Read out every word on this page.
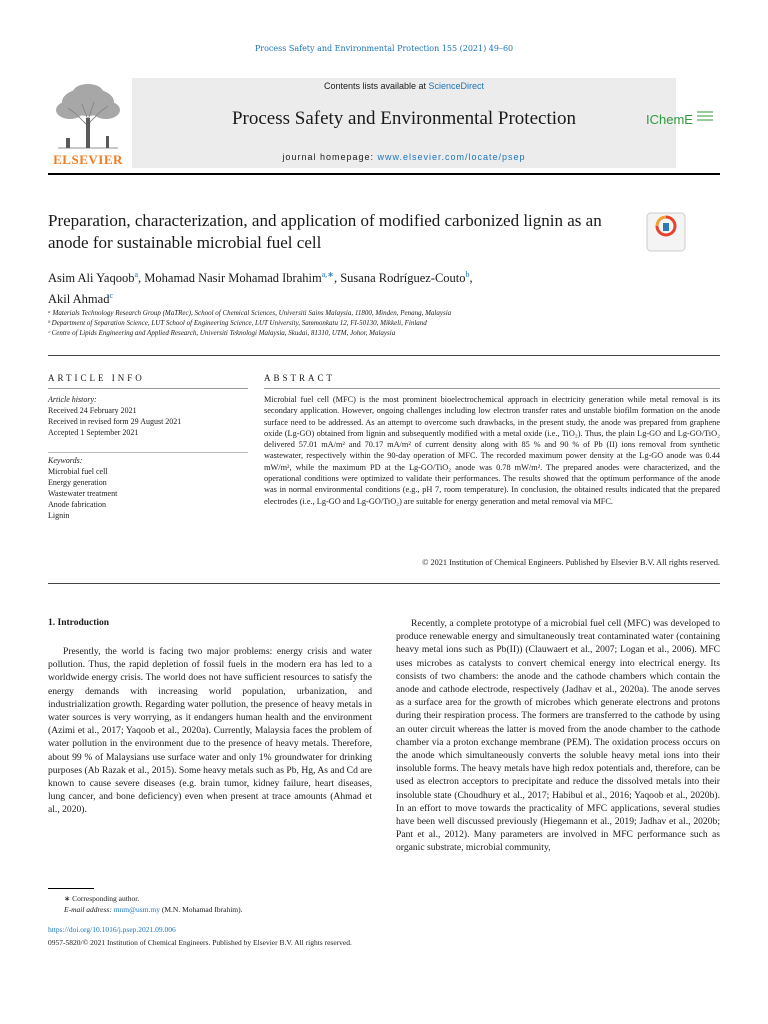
Process Safety and Environmental Protection 155 (2021) 49–60
ELSEVIER
Contents lists available at ScienceDirect
Process Safety and Environmental Protection
journal homepage: www.elsevier.com/locate/psep
IChemE
Preparation, characterization, and application of modified carbonized lignin as an anode for sustainable microbial fuel cell
Asim Ali Yaqoob$^a$, Mohamad Nasir Mohamad Ibrahim$^{a,∗}$, Susana Rodríguez-Couto$^b$,
Akil Ahmad$^c$
ᵃ Materials Technology Research Group (MaTRec), School of Chemical Sciences, Universiti Sains Malaysia, 11800, Minden, Penang, Malaysia
ᵇ Department of Separation Science, LUT School of Engineering Science, LUT University, Sammonkatu 12, FI-50130, Mikkeli, Finland
ᶜ Centre of Lipids Engineering and Applied Research, Universiti Teknologi Malaysia, Skudai, 81310, UTM, Johor, Malaysia
ARTICLE INFO	ABSTRACT
Article history:
Received 24 February 2021
Received in revised form 29 August 2021
Accepted 1 September 2021
Keywords:
Microbial fuel cell
Energy generation
Wastewater treatment
Anode fabrication
Lignin
Microbial fuel cell (MFC) is the most prominent bioelectrochemical approach in electricity generation while metal removal is its secondary application. However, ongoing challenges including low electron transfer rates and unstable biofilm formation on the anode surface need to be addressed. As an attempt to overcome such drawbacks, in the present study, the anode was prepared from graphene oxide (Lg-GO) obtained from lignin and subsequently modified with a metal oxide (i.e., TiO₂). Thus, the plain Lg-GO and Lg-GO/TiO₂ delivered 57.01 mA/m² and 70.17 mA/m² of current density along with 85 % and 90 % of Pb (II) ions removal from synthetic wastewater, respectively within the 90-day operation of MFC. The recorded maximum power density at the Lg-GO anode was 0.44 mW/m², while the maximum PD at the Lg-GO/TiO₂ anode was 0.78 mW/m². The prepared anodes were characterized, and the operational conditions were optimized to validate their performances. The results showed that the optimum performance of the anode was in normal environmental conditions (e.g., pH 7, room temperature). In conclusion, the obtained results indicated that the prepared electrodes (i.e., Lg-GO and Lg-GO/TiO₂) are suitable for energy generation and metal removal via MFC.
© 2021 Institution of Chemical Engineers. Published by Elsevier B.V. All rights reserved.
1. Introduction

Presently, the world is facing two major problems: energy crisis and water pollution. Thus, the rapid depletion of fossil fuels in the modern era has led to a worldwide energy crisis. The world does not have sufficient resources to satisfy the energy demands with increasing world population, urbanization, and industrialization growth. Regarding water pollution, the presence of heavy metals in water sources is very worrying, as it endangers human health and the environment (Azimi et al., 2017; Yaqoob et al., 2020a). Currently, Malaysia faces the problem of water pollution in the environment due to the presence of heavy metals. Therefore, about 99 % of Malaysians use surface water and only 1% groundwater for drinking purposes (Ab Razak et al., 2015). Some heavy metals such as Pb, Hg, As and Cd are known to cause severe diseases (e.g. brain tumor, kidney failure, heart diseases, lung cancer, and bone deficiency) even when present at trace amounts (Ahmad et al., 2020).

Recently, a complete prototype of a microbial fuel cell (MFC) was developed to produce renewable energy and simultaneously treat contaminated water (containing heavy metal ions such as Pb(II)) (Clauwaert et al., 2007; Logan et al., 2006). MFC uses microbes as catalysts to convert chemical energy into electrical energy. Its consists of two chambers: the anode and the cathode chambers which contain the anode and cathode electrode, respectively (Jadhav et al., 2020a). The anode serves as a surface area for the growth of microbes which generate electrons and protons during their respiration process. The formers are transferred to the cathode by using an outer circuit whereas the latter is moved from the anode chamber to the cathode chamber via a proton exchange membrane (PEM). The oxidation process occurs on the anode which simultaneously converts the soluble heavy metal ions into their insoluble forms. The heavy metals have high redox potentials and, therefore, can be used as electron acceptors to precipitate and reduce the dissolved metals into their insoluble state (Choudhury et al., 2017; Habibul et al., 2016; Yaqoob et al., 2020b). In an effort to move towards the practicality of MFC applications, several studies have been well discussed previously (Hiegemann et al., 2019; Jadhav et al., 2020b; Pant et al., 2012). Many parameters are involved in MFC performance such as organic substrate, microbial community,

∗ Corresponding author.
E-mail address: mnm@usm.my (M.N. Mohamad Ibrahim).
https://doi.org/10.1016/j.psep.2021.09.006
0957-5820/© 2021 Institution of Chemical Engineers. Published by Elsevier B.V. All rights reserved.
